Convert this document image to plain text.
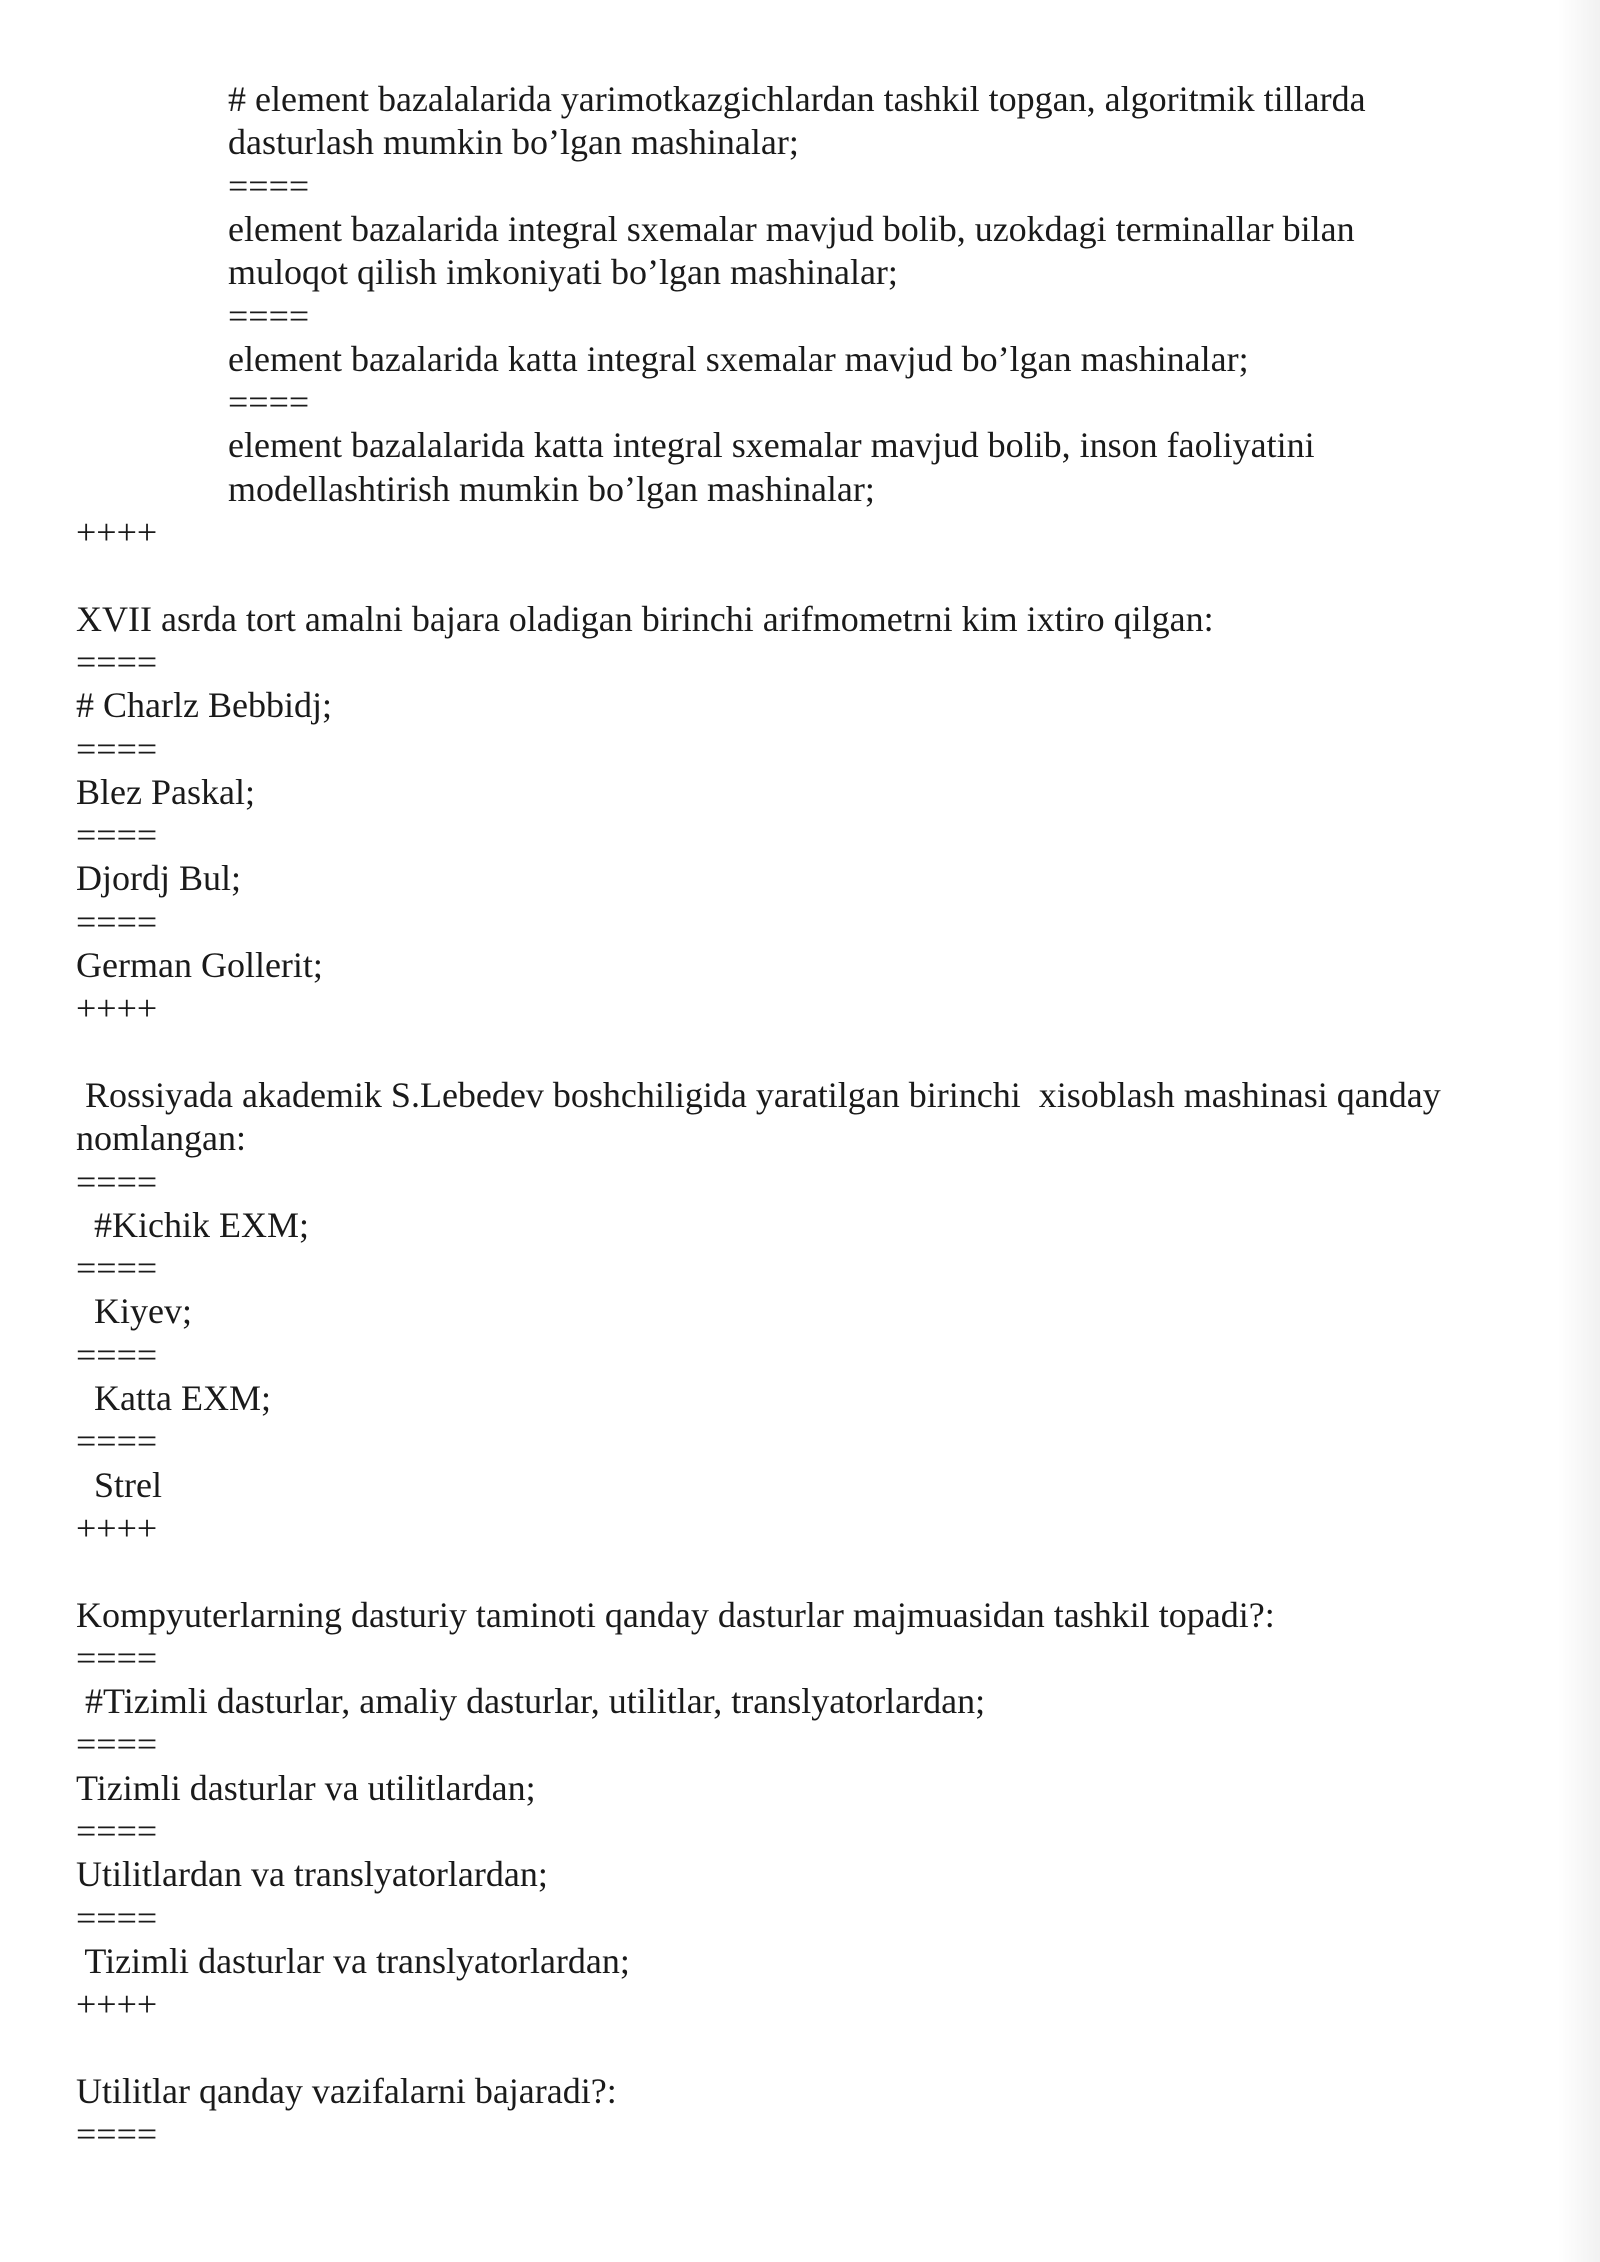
# element bazalalarida yarimotkazgichlardan tashkil topgan, algoritmik tillarda

dasturlash mumkin bo’lgan mashinalar;

====

element bazalarida integral sxemalar mavjud bolib, uzokdagi terminallar bilan

muloqot qilish imkoniyati bo’lgan mashinalar;

====

element bazalarida katta integral sxemalar mavjud bo’lgan mashinalar;

====

element bazalalarida katta integral sxemalar mavjud bolib, inson faoliyatini

modellashtirish mumkin bo’lgan mashinalar;

++++

XVII asrda tort amalni bajara oladigan birinchi arifmometrni kim ixtiro qilgan:

====

# Charlz Bebbidj;

====

Blez Paskal;

====

Djordj Bul;

====

German Gollerit;

++++

Rossiyada akademik S.Lebedev boshchiligida yaratilgan birinchi  xisoblash mashinasi qanday

nomlangan:

====

#Kichik EXM;

====

Kiyev;

====

Katta EXM;

====

Strel

++++

Kompyuterlarning dasturiy taminoti qanday dasturlar majmuasidan tashkil topadi?:

====

#Tizimli dasturlar, amaliy dasturlar, utilitlar, translyatorlardan;

====

Tizimli dasturlar va utilitlardan;

====

Utilitlardan va translyatorlardan;

====

Tizimli dasturlar va translyatorlardan;

++++

Utilitlar qanday vazifalarni bajaradi?:

====
